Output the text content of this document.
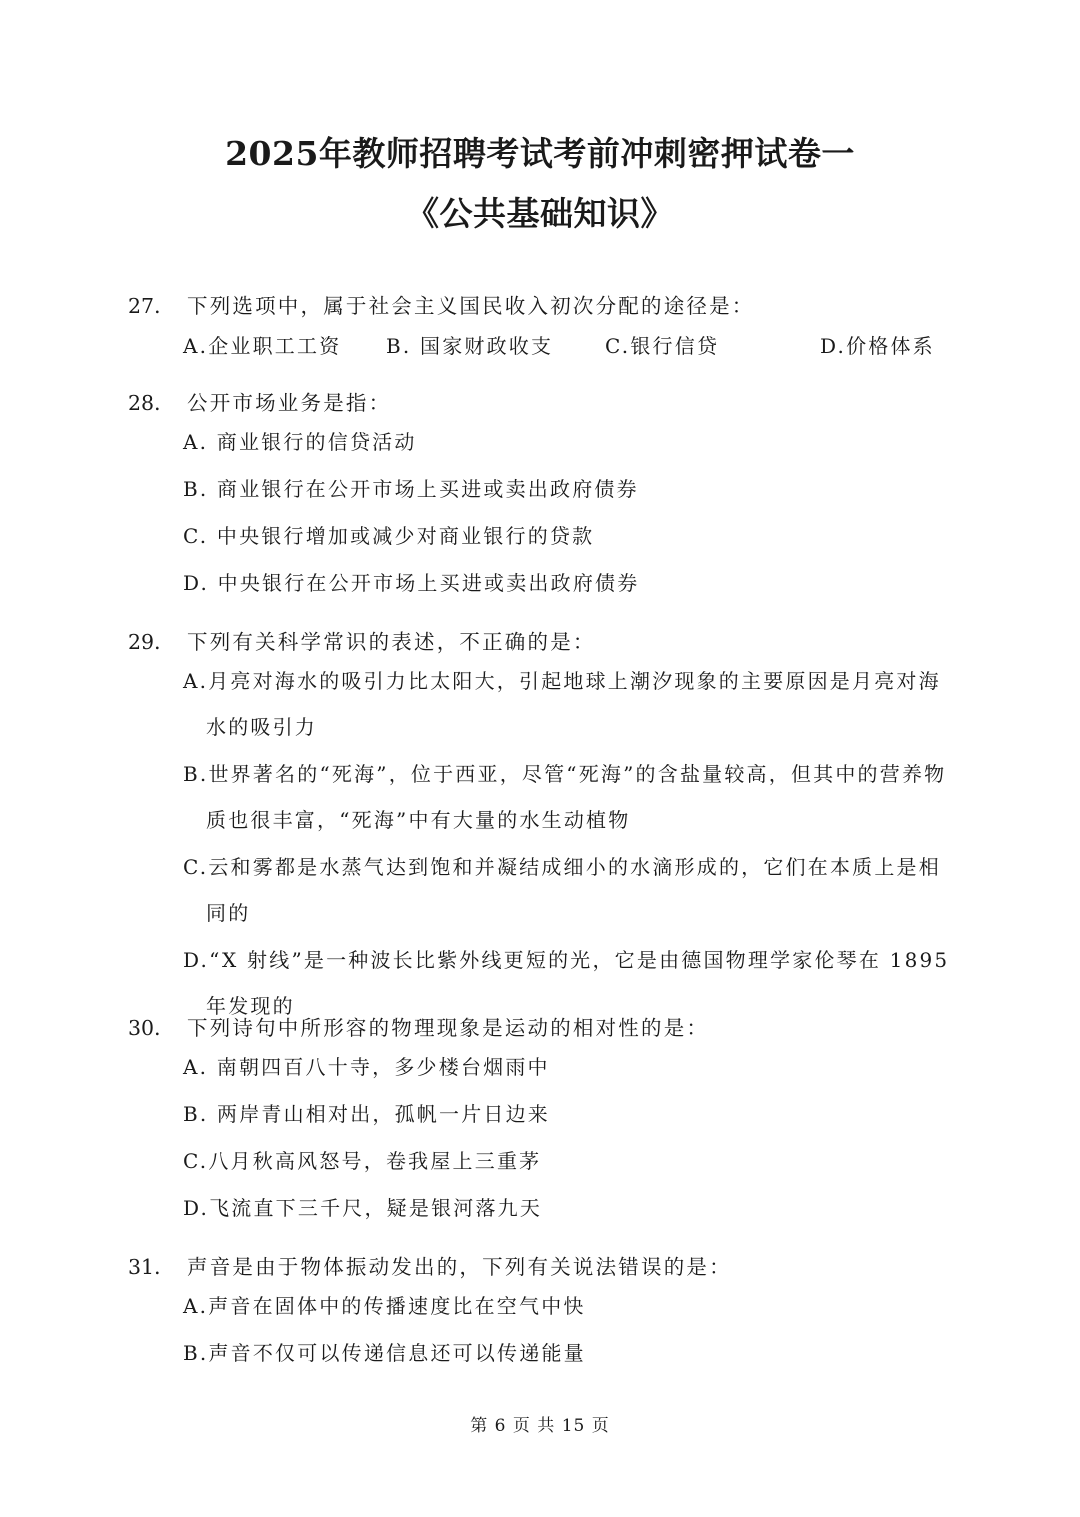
2025年教师招聘考试考前冲刺密押试卷一
《公共基础知识》
27． 下列选项中，属于社会主义国民收入初次分配的途径是：
A.企业职工工资 B. 国家财政收支	C.银行信贷	D.价格体系
28． 公开市场业务是指：
A. 商业银行的信贷活动
B. 商业银行在公开市场上买进或卖出政府债券
C. 中央银行增加或减少对商业银行的贷款
D. 中央银行在公开市场上买进或卖出政府债券
29． 下列有关科学常识的表述，不正确的是：
A.月亮对海水的吸引力比太阳大，引起地球上潮汐现象的主要原因是月亮对海水的吸引力
B.世界著名的“死海”，位于西亚，尽管“死海”的含盐量较高，但其中的营养物质也很丰富，“死海”中有大量的水生动植物
C.云和雾都是水蒸气达到饱和并凝结成细小的水滴形成的，它们在本质上是相同的
D.“X 射线”是一种波长比紫外线更短的光，它是由德国物理学家伦琴在 1895 年发现的
30． 下列诗句中所形容的物理现象是运动的相对性的是：
A. 南朝四百八十寺，多少楼台烟雨中
B. 两岸青山相对出，孤帆一片日边来
C.八月秋高风怒号，卷我屋上三重茅
D.飞流直下三千尺，疑是银河落九天
31． 声音是由于物体振动发出的，下列有关说法错误的是：
A.声音在固体中的传播速度比在空气中快
B.声音不仅可以传递信息还可以传递能量
第 6 页 共 15 页
